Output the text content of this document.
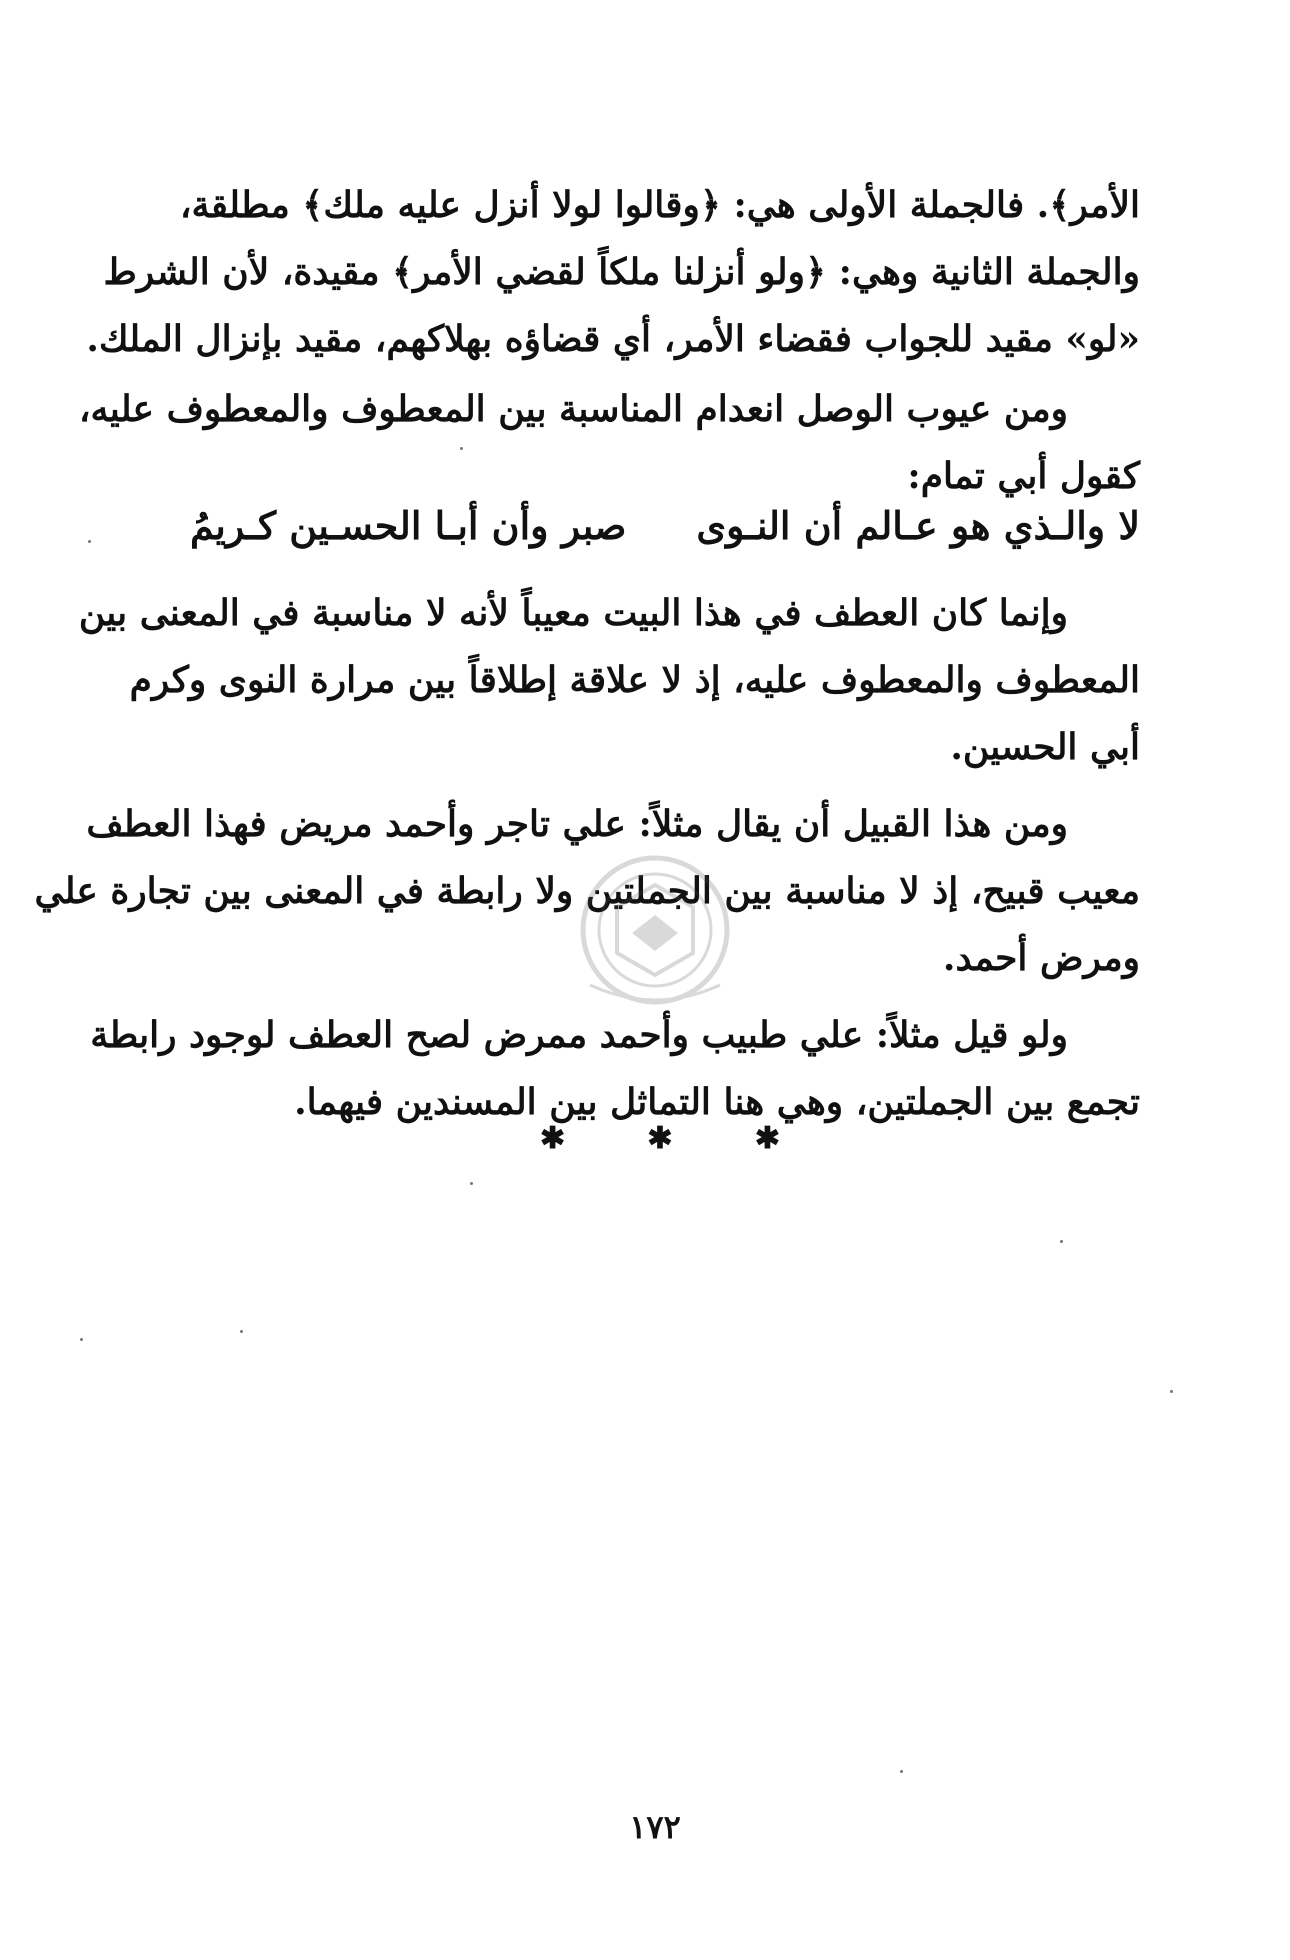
الأمر﴾. فالجملة الأولى هي: ﴿وقالوا لولا أنزل عليه ملك﴾ مطلقة،
والجملة الثانية وهي: ﴿ولو أنزلنا ملكاً لقضي الأمر﴾ مقيدة، لأن الشرط
«لو» مقيد للجواب فقضاء الأمر، أي قضاؤه بهلاكهم، مقيد بإنزال الملك.

ومن عيوب الوصل انعدام المناسبة بين المعطوف والمعطوف عليه،
كقول أبي تمام:

لا والـذي هو عـالم أن النـوى
صبر وأن أبـا الحسـين كـريمُ

وإنما كان العطف في هذا البيت معيباً لأنه لا مناسبة في المعنى بين
المعطوف والمعطوف عليه، إذ لا علاقة إطلاقاً بين مرارة النوى وكرم
أبي الحسين.

ومن هذا القبيل أن يقال مثلاً: علي تاجر وأحمد مريض فهذا العطف
معيب قبيح، إذ لا مناسبة بين الجملتين ولا رابطة في المعنى بين تجارة علي
ومرض أحمد.

ولو قيل مثلاً: علي طبيب وأحمد ممرض لصح العطف لوجود رابطة
تجمع بين الجملتين، وهي هنا التماثل بين المسندين فيهما.

✱	✱	✱
١٧٢
